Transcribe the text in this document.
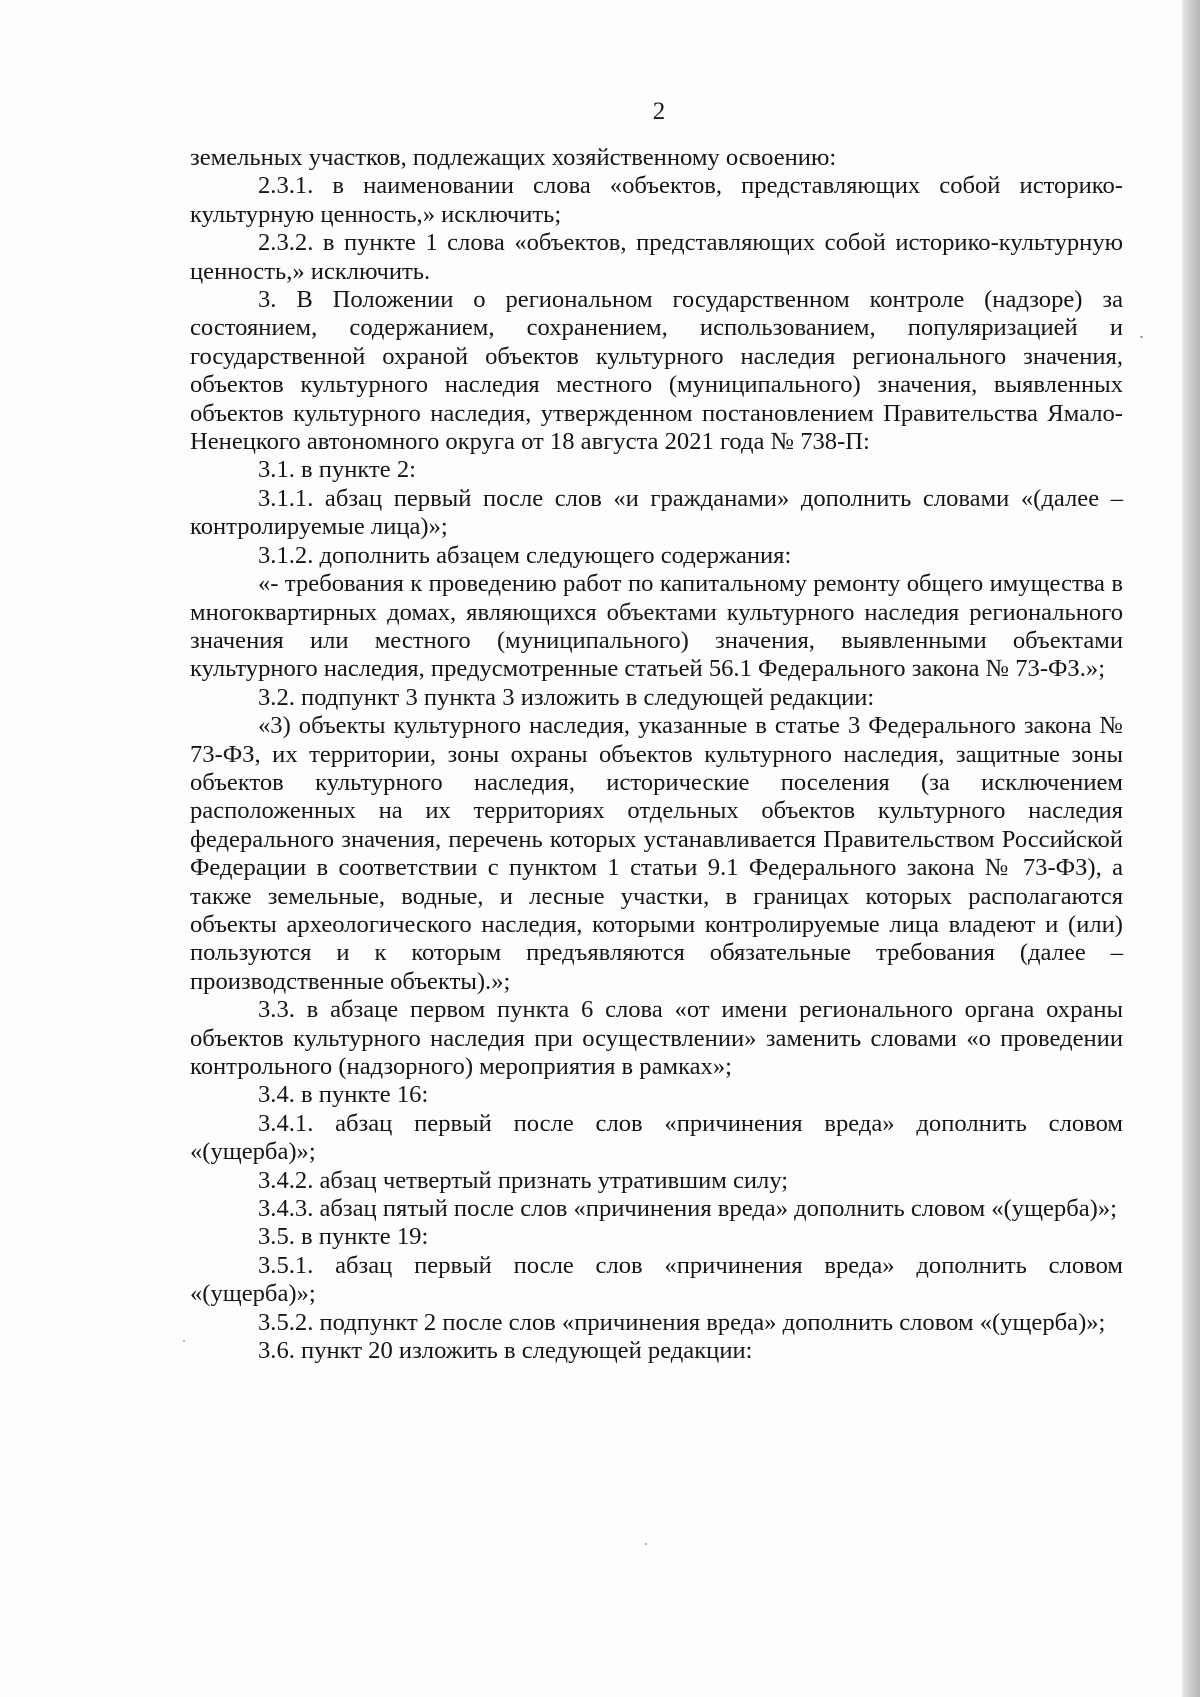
2

земельных участков, подлежащих хозяйственному освоению:

2.3.1. в наименовании слова «объектов, представляющих собой историко-культурную ценность,» исключить;

2.3.2. в пункте 1 слова «объектов, представляющих собой историко-культурную ценность,» исключить.

3. В Положении о региональном государственном контроле (надзоре) за состоянием, содержанием, сохранением, использованием, популяризацией и государственной охраной объектов культурного наследия регионального значения, объектов культурного наследия местного (муниципального) значения, выявленных объектов культурного наследия, утвержденном постановлением Правительства Ямало-Ненецкого автономного округа от 18 августа 2021 года № 738-П:

3.1. в пункте 2:

3.1.1. абзац первый после слов «и гражданами» дополнить словами «(далее – контролируемые лица)»;

3.1.2. дополнить абзацем следующего содержания:

«- требования к проведению работ по капитальному ремонту общего имущества в многоквартирных домах, являющихся объектами культурного наследия регионального значения или местного (муниципального) значения, выявленными объектами культурного наследия, предусмотренные статьей 56.1 Федерального закона № 73-ФЗ.»;

3.2. подпункт 3 пункта 3 изложить в следующей редакции:

«3) объекты культурного наследия, указанные в статье 3 Федерального закона № 73-ФЗ, их территории, зоны охраны объектов культурного наследия, защитные зоны объектов культурного наследия, исторические поселения (за исключением расположенных на их территориях отдельных объектов культурного наследия федерального значения, перечень которых устанавливается Правительством Российской Федерации в соответствии с пунктом 1 статьи 9.1 Федерального закона № 73-ФЗ), а также земельные, водные, и лесные участки, в границах которых располагаются объекты археологического наследия, которыми контролируемые лица владеют и (или) пользуются и к которым предъявляются обязательные требования (далее – производственные объекты).»;

3.3. в абзаце первом пункта 6 слова «от имени регионального органа охраны объектов культурного наследия при осуществлении» заменить словами «о проведении контрольного (надзорного) мероприятия в рамках»;

3.4. в пункте 16:

3.4.1. абзац первый после слов «причинения вреда» дополнить словом «(ущерба)»;

3.4.2. абзац четвертый признать утратившим силу;

3.4.3. абзац пятый после слов «причинения вреда» дополнить словом «(ущерба)»;

3.5. в пункте 19:

3.5.1. абзац первый после слов «причинения вреда» дополнить словом «(ущерба)»;

3.5.2. подпункт 2 после слов «причинения вреда» дополнить словом «(ущерба)»;

3.6. пункт 20 изложить в следующей редакции:
